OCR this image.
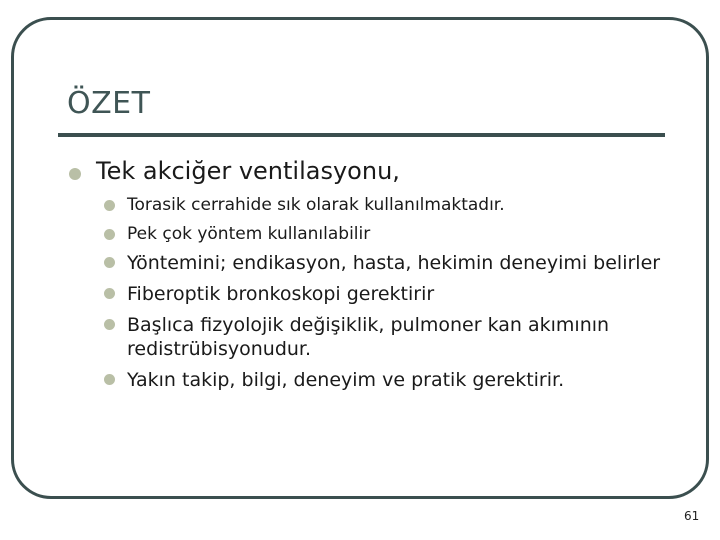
ÖZET
Tek akciğer ventilasyonu,
Torasik cerrahide sık olarak kullanılmaktadır.
Pek çok yöntem kullanılabilir
Yöntemini; endikasyon, hasta, hekimin deneyimi belirler
Fiberoptik bronkoskopi gerektirir
Başlıca fizyolojik değişiklik, pulmoner kan akımının redistrübisyonudur.
Yakın takip, bilgi, deneyim ve pratik gerektirir.
61
